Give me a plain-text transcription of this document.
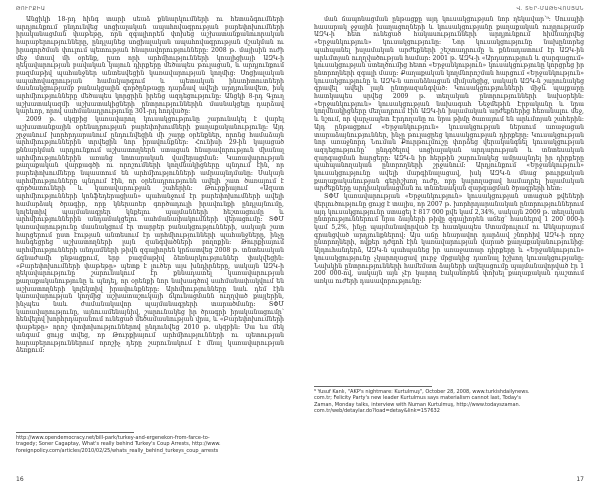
ԹՈՒՐՔԻԱ

Անցիկի 18-րդ հինգ տարի սեաձ քննարկումների ու հետաձգումների արդյունքում ընդունվեց սոցիալական ապահովագրության բարեփոխումների իրականացման փաթեթը, որն զգալիորեն փոխեց աշխատանքանուորական հարաբերությունները, ընդլայնեց սոցիալական ապահովագրության մշակման ու իրագործման փուլում պետության հնարավորությունները։ 2008 թ. մայիսին ուժի մեջ մտավ մի օրենք, ըստ որի արհմիությունների կոալիցիայի ԱԶԿ-ի ղեկավարության բավական կայուն դիրքերը մեծապես թուլացան, և արդյունքում բազմաթիվ պահանջներ անտեսվեցին կառավարության կողմից։ Սոցիալական ապահովագրության համակարգում և պետական ինստիտուտների մասնակցությամբ բանակցային գործընթացը դարձավ ավելի արդյունավետ, իսկ արհմիությունները մեծապես կորցրին իրենց ազդեցությունը։ Անցկի 8-րդ Գլուղ աշխատակազմի աշխատակիցների ընտրություններին մասնակցելը դարձավ կարևոր, որով սահմանադրությունը 301-րդ հոդվածը։

2009 թ. սկզբից կառավարող կուսակցությունը շարունակել է վարել աշխատանքային օրենսդրության բարեփոխումների քաղաքականությունը։ Այդ շրջանում խորհրդարանում ընդունվեցին մի շարք օրենքներ, որոնց համաձայն արհմիություններին տրվեցին նոր իրավունքներ։ Հունիսի 29-ին կայացած քննարկման արդյունքում աշխատողներն ստացան հնարավորություն միանալ արհմիություններին առանց նոտարական վավերացման։ Կառավարության քաղաքական վարքագծի ու որոշումների կողմնակիցները պնդում էին, որ բարեփոխումները նպաստում են արհմիությունների ամրապնդմանը։ Սակայն արհմիությունները պնդում էին, որ օրենսդրությունն ավելի շատ ծառայում է գործատուների և կառավարության շահերին։ Թուրքիայում «Ազատ արհմիությունների կոնֆեդերացիան» պահանջում էր բարեփոխումների ավելի համարձակ ծրագիր, որը կներառեր գործադուլի իրավունքի ընդլայնումը, կոլեկտիվ պայմանագրեր կնքելու պայմանների հեշտացումը և արհմիություններին անդամակցելու սահմանափակումների վերացումը։ ՏՓՄ կառավարությունը մասնակցում էր տարբեր բանակցությունների, սակայն շատ հարցերում ըստ էության անտեսում էր արհմիությունների պահանջները, ինչը հանգեցրեց աշխատողների լայն զանգվածների բողոքին։ Թուրքիայում արհմիությունների անդամների թիվն զգալիորեն կրճատվեց 2008 թ. տնտեսական ճգնաժամի ընթացքում, երբ բազմաթիվ ձեռնարկություններ փակվեցին։ «Բարեփոխումների փաթեթը» պետք է լուծեր այս խնդիրները, սակայն ԱԶԿ-ի ղեկավարությունը շարունակում էր քննադատել կառավարության քաղաքականությունը և պնդել, որ օրենքի նոր նախագծով սահմանափակվում են աշխատողների կոլեկտիվ իրավունքները։ Արհմիությունները նաև դեմ էին կառավարության կողմից աշխատաշուկայի ճկունացմանն ուղղված քայլերին, ինչպես նաև ժամանակավոր պայմանագրերի տարածմանը։ ՏՓՄ կառավարությունը, այնուամենայնիվ, շարունակեց իր ծրագրի իրականացումը՝ հենվելով խորհրդարանում ունեցած մեծամասնության վրա, և «Բարեփոխումների փաթեթը» որոշ փոփոխություններով ընդունվեց 2010 թ. սկզբին։ Սա ևս մեկ անգամ ցույց տվեց, որ Թուրքիայում արհմիությունների ու պետության հարաբերություններում որոշիչ դերը շարունակում է մնալ կառավարության ձեռքում։

http://www.opendemocracy.net/bill-park/turkey-and-ergenekon-from-farce-to-

tragedy; Soner Cagaptay, What's really behind Turkey's Coup Arrests, http://www.

foreignpolicy.com/articles/2010/02/25/whats_really_behind_turkeys_coup_arrests

16
Վ. ՏԵՐ-ՄԱԹԵՎՈՍՅԱՆ

ման ճապոնացման ընթացքը այդ կուսակցության նոր ղեկավար՝⁹։ Սուսպիի հասարակ ջջային խաղացողների և կուսակցությանը քաղաքական ուղղությամբ ԱԶԿ-ի հետ ունեցած հակասությունների արդյունքում հիմնադրվեց «Երջանկություն» կուսակցությունը։ Նոր կուսակցությունը նախընտրեց պահպանել իսլամական արժեքների շեշտադրումը և քննադատում էր ԱԶԿ-ին արևմտյան ուղղվածության համար։ 2001 թ. ԱԶԿ-ի «Արդարություն և զարգացում» կուսակցության ստեղծումից հետո «Երջանկություն» կուսակցությունը կորցրեց իր ընտրողների զգալի մասը։ Քաղաքական կողմնորոշման հարցում «Երջանկություն» կուսակցությունը և ԱԶԿ-ն առանձնացան միմյանցից, սակայն ԱԶԿ-ն շարունակեց գրավել ավելի լայն ընտրազանգված։ Կուսակցությունների միջև պայքարը հատկապես սրվեց 2009 թ. տեղական ընտրությունների նախօրեին։ «Երջանկություն» կուսակցության նախագահ Նեջմեթին Էրբականը և նրա կողմնակիցները մեղադրում էին ԱԶԿ-ին իսլամական արժեքներից հեռանալու մեջ, և նշում, որ վարչապետ Էրդողանը ու նրա թիմը ծառայում են արևմտյան շահերին։ Այդ ընթացքում «Երջանկություն» կուսակցության ներսում առաջացան տարաձայնություններ, ինչը թուլացրեց կուսակցության դիրքերը։ Կուսակցության նոր առաջնորդ Նուման Քուրթուլմուշը փորձեց վերականգնել կուսակցության ազդեցությունը՝ ընդգծելով սոցիալական արդարության և տնտեսական զարգացման հարցերը։ ԱԶԿ-ն իր հերթին շարունակեց ամրապնդել իր դիրքերը պահպանողական ընտրողների շրջանում։ Արդյունքում «Երջանկություն» կուսակցությունը ավելի մարգինալացավ, իսկ ԱԶԿ-ն մնաց թուրքական քաղաքականության գերիշխող ուժը, որը կարողացավ համադրել իսլամական արժեքները արդիականացման ու տնտեսական զարգացման ծրագրերի հետ։

ՏՓՄ կառավարության «Երջանկություն» կուսակցության ստացած քվեների վերլուծությունը ցույց է տալիս, որ 2007 թ. խորհրդարանական ընտրություններում այդ կուսակցությունը ստացել է 817 000 քվե կամ 2,34%, սակայն 2009 թ. տեղական ընտրություններում նրա ձայների թիվը զգալիորեն աճեց՝ հասնելով 1 200 000-ի կամ 5,2%, ինչը պայմանավորված էր հատկապես Ստամբուլում ու Անկարայում գրանցված արդյունքներով։ Այս աճը հնարավոր դարձավ շնորհիվ ԱԶԿ-ի որոշ ընտրողների, ովքեր դժգոհ էին կառավարության վարած քաղաքականությունից։ Այդուհանդերձ, ԱԶԿ-ն պահպանեց իր առաջատար դիրքերը և «Երջանկություն» կուսակցությունը չկարողացավ լուրջ մրցակից դառնալ իշխող կուսակցությանը։ Նախկին ընտրությունների համեմատ ձայների ավելացումը պայմանավորված էր 1 200 000-ով, սակայն այն չէր կարող էականորեն փոխել քաղաքական դաշտում առկա ուժերի դասավորությունը։

⁹ Yusuf Kanlı, "AKP's nightmare: Kurtulmuş", October 28, 2008, www.turkishdailynews.

com.tr; Felicity Party's new leader Kurtulmus says materialism cannot last, Today's

Zaman, Monday talks, interview with Numan Kurtulmuş, http://www.todayszaman.

com.tr/web/detaylar.do?load=detay&link=157632

17
